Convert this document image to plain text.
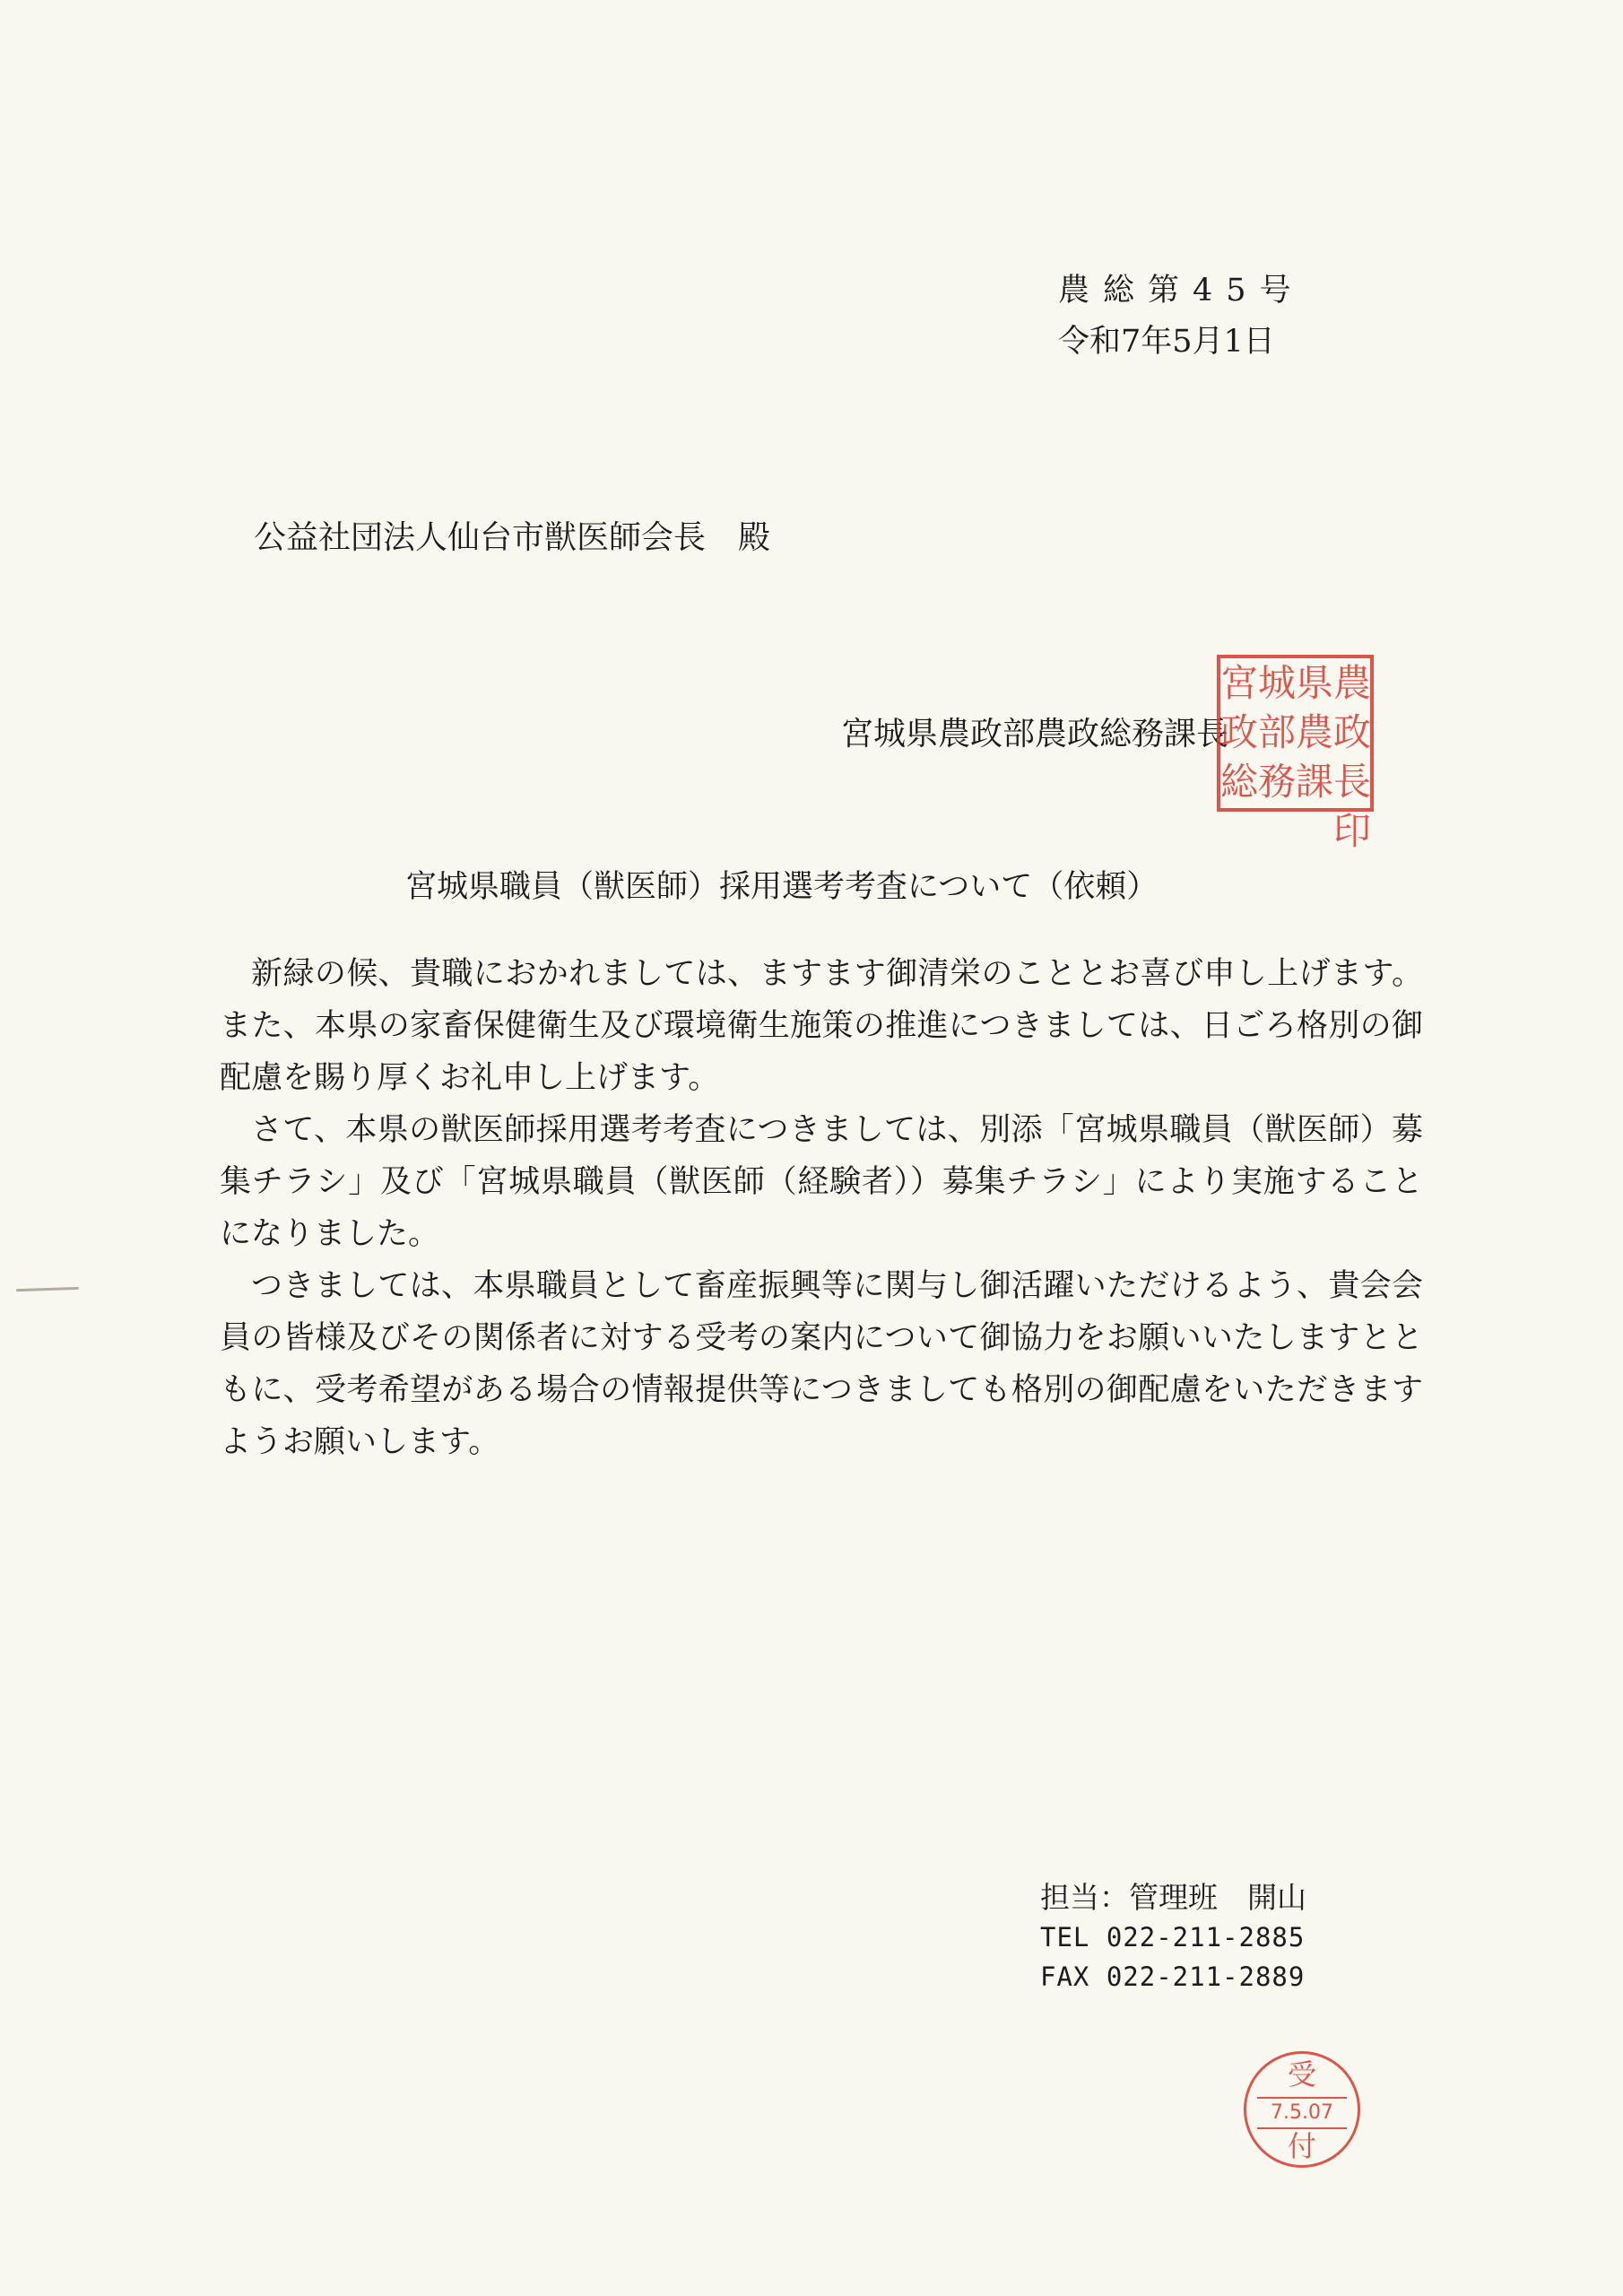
農総第45号
令和7年5月1日
公益社団法人仙台市獣医師会長　殿
宮城県農政部農政総務課長
宮 城 県 農
政 部 農 政
総 務 課 長印
宮城県職員（獣医師）採用選考考査について（依頼）

新緑の候、貴職におかれましては、ますます御清栄のこととお喜び申し上げます。また、本県の家畜保健衛生及び環境衛生施策の推進につきましては、日ごろ格別の御配慮を賜り厚くお礼申し上げます。

さて、本県の獣医師採用選考考査につきましては、別添「宮城県職員（獣医師）募集チラシ」及び「宮城県職員（獣医師（経験者））募集チラシ」により実施することになりました。

つきましては、本県職員として畜産振興等に関与し御活躍いただけるよう、貴会会員の皆様及びその関係者に対する受考の案内について御協力をお願いいたしますとともに、受考希望がある場合の情報提供等につきましても格別の御配慮をいただきますようお願いします。

担当：管理班　開山
TEL 022-211-2885
FAX 022-211-2889
受
7.5.07
付
